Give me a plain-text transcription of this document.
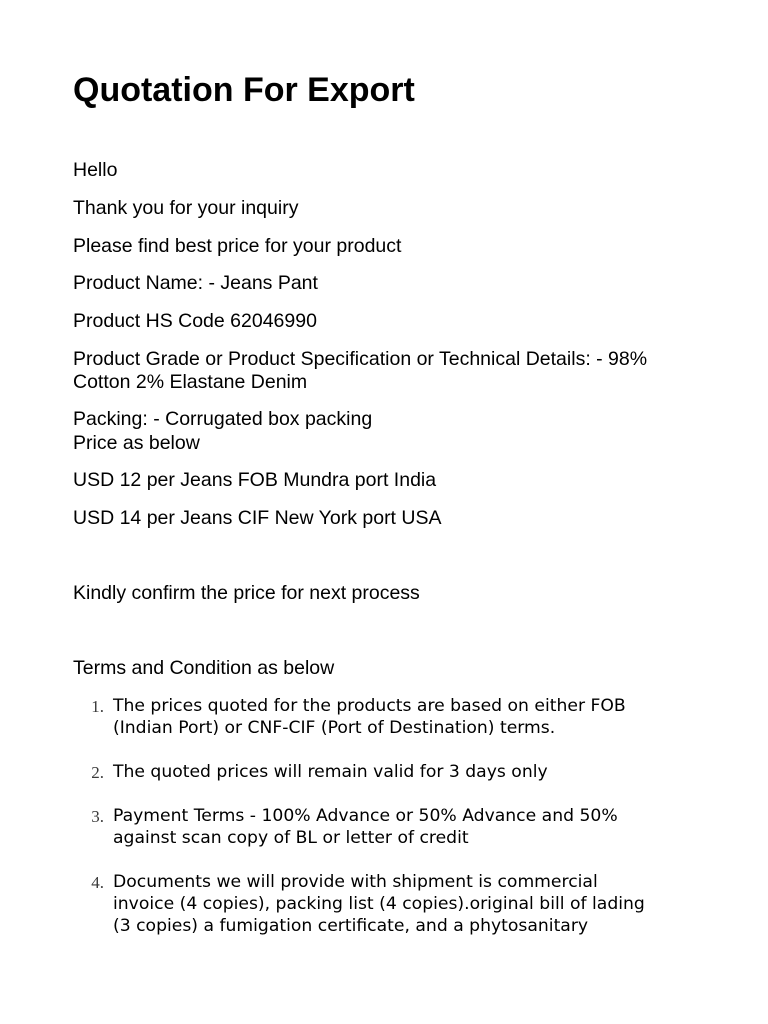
Quotation For Export

Hello

Thank you for your inquiry

Please find best price for your product

Product Name: - Jeans Pant

Product HS Code 62046990

Product Grade or Product Specification or Technical Details: - 98%

Cotton 2% Elastane Denim

Packing: - Corrugated box packing

Price as below

USD 12 per Jeans FOB Mundra port India

USD 14 per Jeans CIF New York port USA

Kindly confirm the price for next process

Terms and Condition as below

1. The prices quoted for the products are based on either FOB
(Indian Port) or CNF-CIF (Port of Destination) terms.
2. The quoted prices will remain valid for 3 days only
3. Payment Terms - 100% Advance or 50% Advance and 50%
against scan copy of BL or letter of credit
4. Documents we will provide with shipment is commercial
invoice (4 copies), packing list (4 copies).original bill of lading
(3 copies) a fumigation certificate, and a phytosanitary
